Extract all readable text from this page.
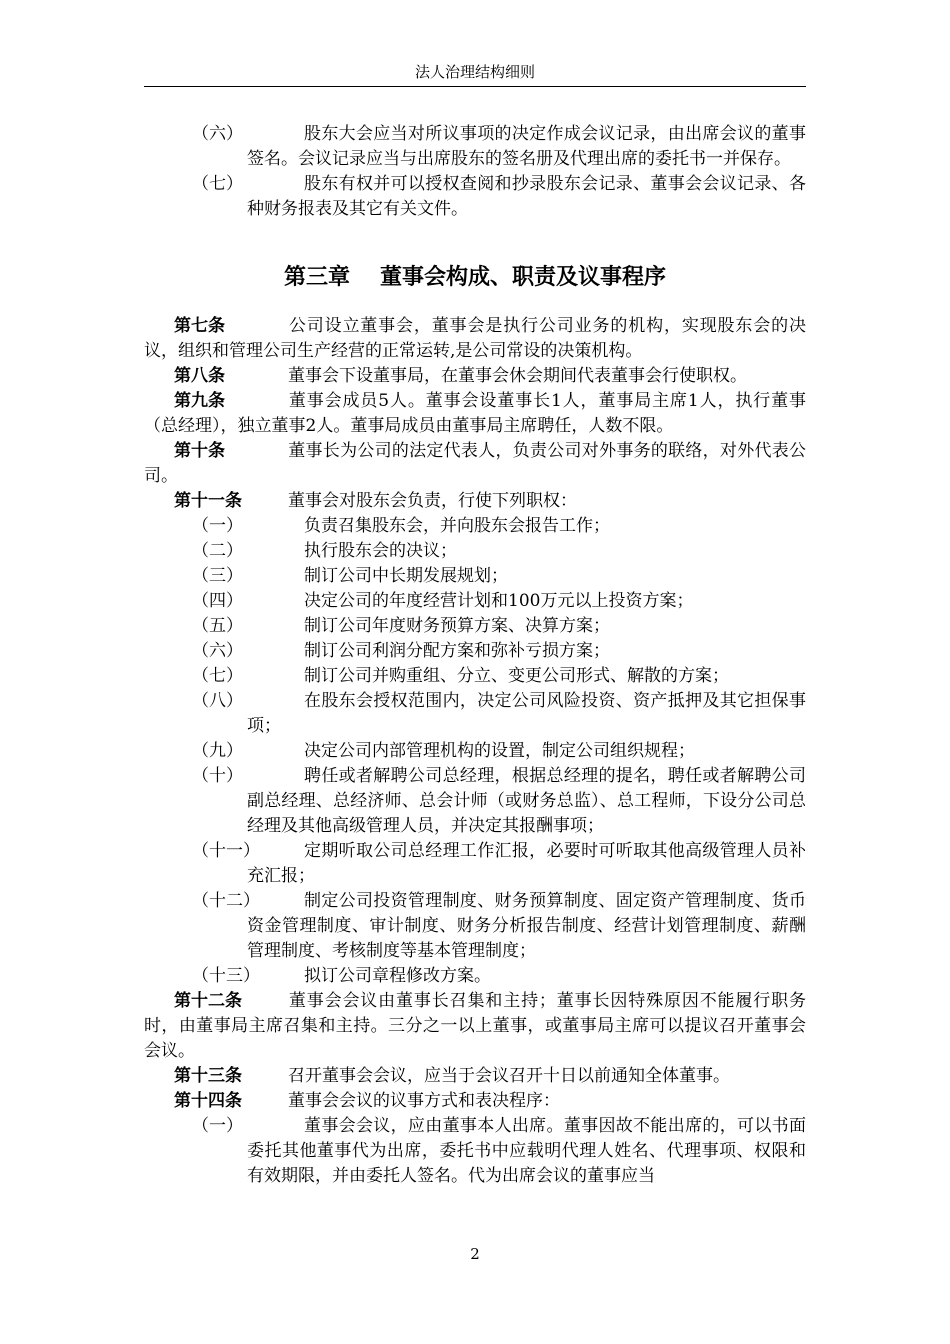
法人治理结构细则
（六）	股东大会应当对所议事项的决定作成会议记录，由出席会议的董事签名。会议记录应当与出席股东的签名册及代理出席的委托书一并保存。
（七）	股东有权并可以授权查阅和抄录股东会记录、董事会会议记录、各种财务报表及其它有关文件。
第三章 董事会构成、职责及议事程序
第七条	公司设立董事会，董事会是执行公司业务的机构，实现股东会的决议，组织和管理公司生产经营的正常运转,是公司常设的决策机构。
第八条	董事会下设董事局，在董事会休会期间代表董事会行使职权。
第九条	董事会成员5人。董事会设董事长1人，董事局主席1人，执行董事（总经理），独立董事2人。董事局成员由董事局主席聘任，人数不限。
第十条	董事长为公司的法定代表人，负责公司对外事务的联络，对外代表公司。
第十一条	董事会对股东会负责，行使下列职权：
（一）	负责召集股东会，并向股东会报告工作；
（二）	执行股东会的决议；
（三）	制订公司中长期发展规划；
（四）	决定公司的年度经营计划和100万元以上投资方案；
（五）	制订公司年度财务预算方案、决算方案；
（六）	制订公司利润分配方案和弥补亏损方案；
（七）	制订公司并购重组、分立、变更公司形式、解散的方案；
（八）	在股东会授权范围内，决定公司风险投资、资产抵押及其它担保事项；
（九）	决定公司内部管理机构的设置，制定公司组织规程；
（十）	聘任或者解聘公司总经理，根据总经理的提名，聘任或者解聘公司副总经理、总经济师、总会计师（或财务总监）、总工程师，下设分公司总经理及其他高级管理人员，并决定其报酬事项；
（十一）	定期听取公司总经理工作汇报，必要时可听取其他高级管理人员补充汇报；
（十二）	制定公司投资管理制度、财务预算制度、固定资产管理制度、货币资金管理制度、审计制度、财务分析报告制度、经营计划管理制度、薪酬管理制度、考核制度等基本管理制度；
（十三）	拟订公司章程修改方案。
第十二条	董事会会议由董事长召集和主持；董事长因特殊原因不能履行职务时，由董事局主席召集和主持。三分之一以上董事，或董事局主席可以提议召开董事会会议。
第十三条	召开董事会会议，应当于会议召开十日以前通知全体董事。
第十四条	董事会会议的议事方式和表决程序：
（一）	董事会会议，应由董事本人出席。董事因故不能出席的，可以书面委托其他董事代为出席，委托书中应载明代理人姓名、代理事项、权限和有效期限，并由委托人签名。代为出席会议的董事应当
2
